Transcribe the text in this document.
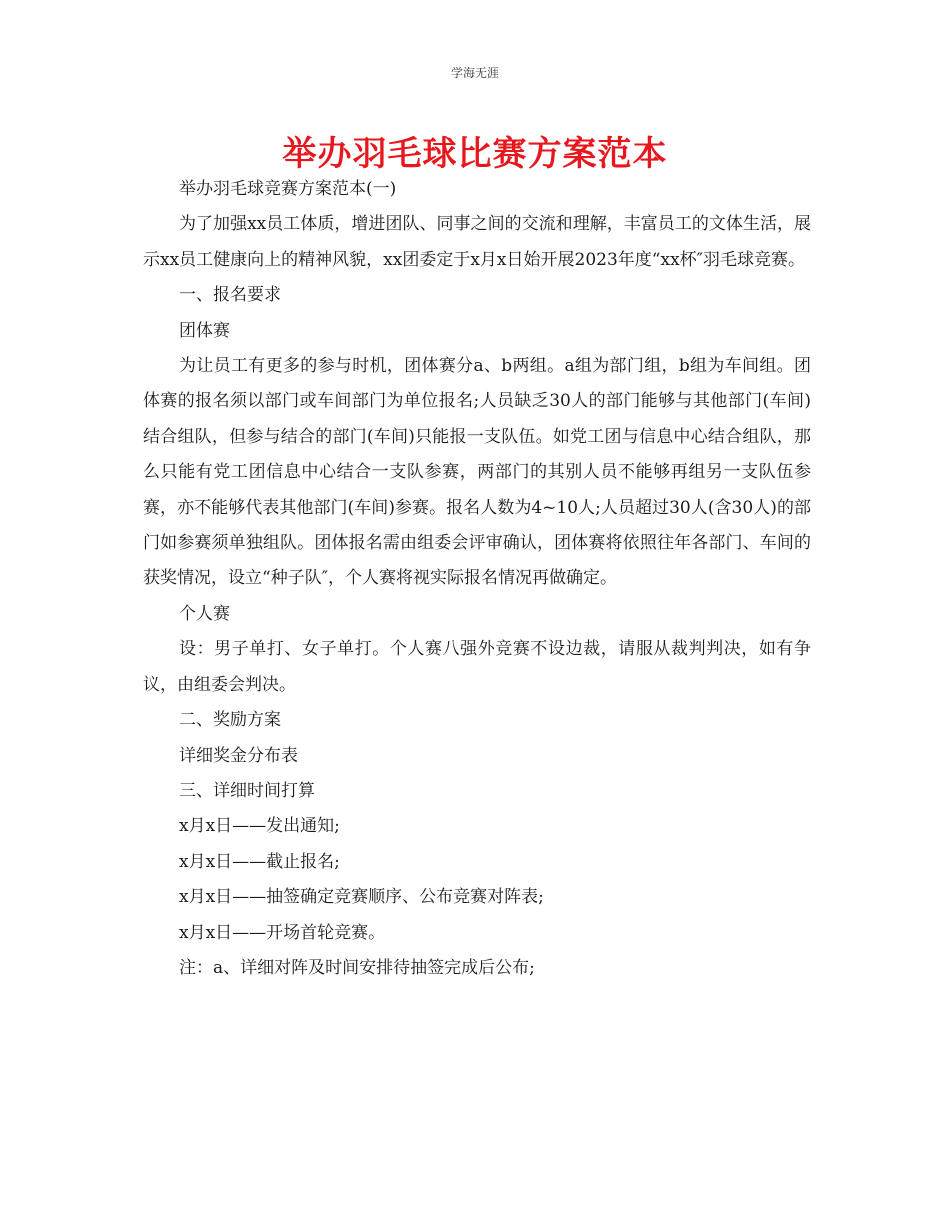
学海无涯
举办羽毛球比赛方案范本

举办羽毛球竞赛方案范本(一)

为了加强xx员工体质，增进团队、同事之间的交流和理解，丰富员工的文体生活，展示xx员工健康向上的精神风貌，xx团委定于x月x日始开展2023年度“xx杯″羽毛球竞赛。

一、报名要求

团体赛

为让员工有更多的参与时机，团体赛分a、b两组。a组为部门组，b组为车间组。团体赛的报名须以部门或车间部门为单位报名;人员缺乏30人的部门能够与其他部门(车间)结合组队，但参与结合的部门(车间)只能报一支队伍。如党工团与信息中心结合组队，那么只能有党工团信息中心结合一支队参赛，两部门的其别人员不能够再组另一支队伍参赛，亦不能够代表其他部门(车间)参赛。报名人数为4~10人;人员超过30人(含30人)的部门如参赛须单独组队。团体报名需由组委会评审确认，团体赛将依照往年各部门、车间的获奖情况，设立“种子队″，个人赛将视实际报名情况再做确定。

个人赛

设：男子单打、女子单打。个人赛八强外竞赛不设边裁，请服从裁判判决，如有争议，由组委会判决。

二、奖励方案

详细奖金分布表

三、详细时间打算

x月x日——发出通知;

x月x日——截止报名;

x月x日——抽签确定竞赛顺序、公布竞赛对阵表;

x月x日——开场首轮竞赛。

注：a、详细对阵及时间安排待抽签完成后公布;
